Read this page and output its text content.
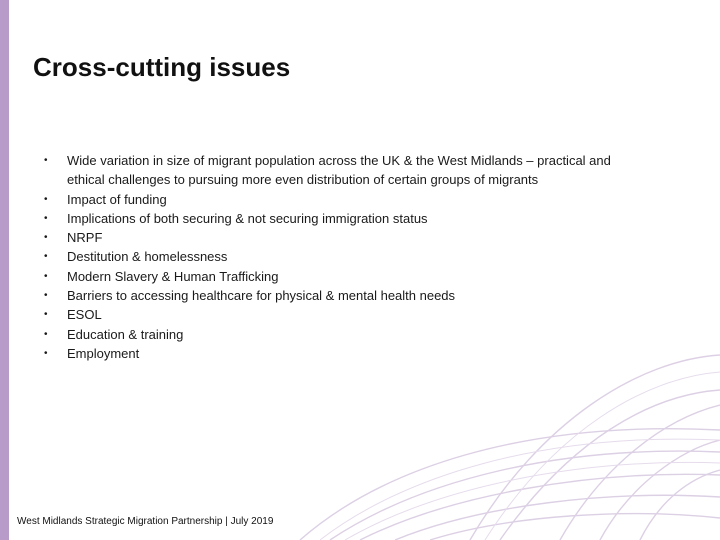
Cross-cutting issues
•	Wide variation in size of migrant population across the UK & the West Midlands – practical and ethical challenges to pursuing more even distribution of certain groups of migrants
•	Impact of funding
•	Implications of both securing & not securing immigration status
•	NRPF
•	Destitution & homelessness
•	Modern Slavery & Human Trafficking
•	Barriers to accessing healthcare for physical & mental health needs
•	ESOL
•	Education & training
•	Employment

West Midlands Strategic Migration Partnership | July 2019
